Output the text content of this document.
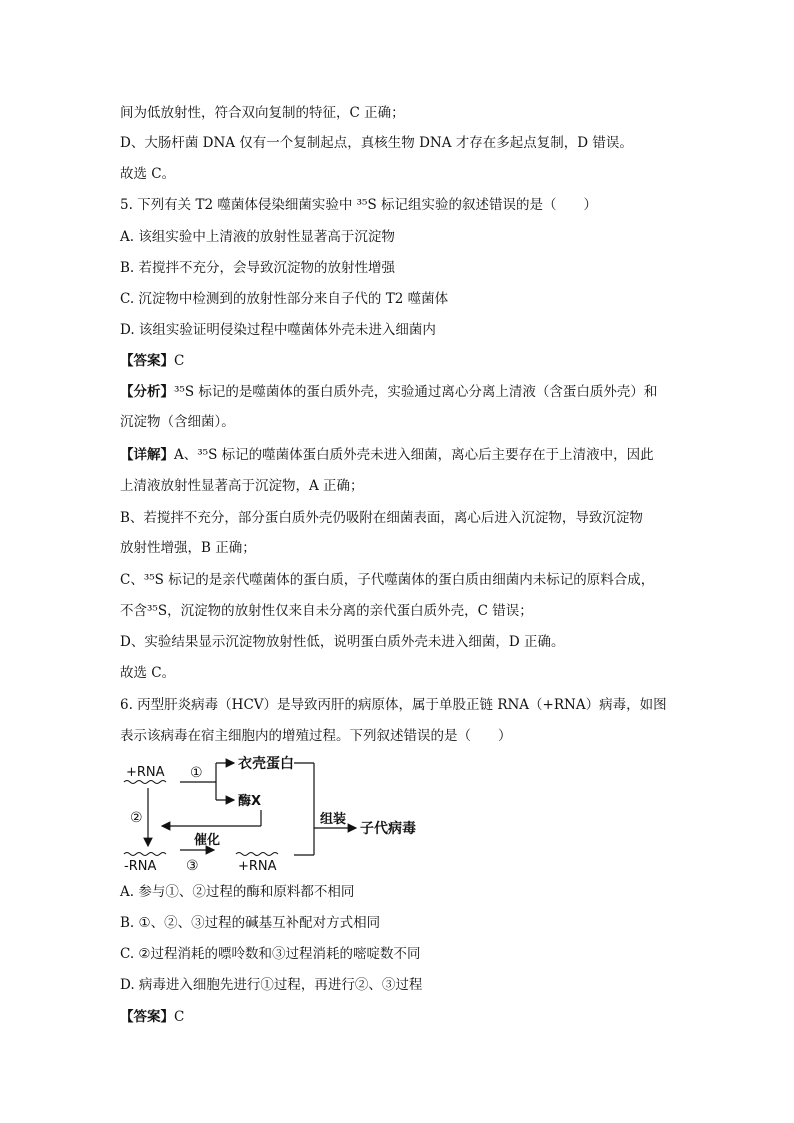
间为低放射性，符合双向复制的特征，C 正确；
D、大肠杆菌 DNA 仅有一个复制起点，真核生物 DNA 才存在多起点复制，D 错误。
故选 C。
5. 下列有关 T2 噬菌体侵染细菌实验中 ³⁵S 标记组实验的叙述错误的是（　　）
A. 该组实验中上清液的放射性显著高于沉淀物
B. 若搅拌不充分，会导致沉淀物的放射性增强
C. 沉淀物中检测到的放射性部分来自子代的 T2 噬菌体
D. 该组实验证明侵染过程中噬菌体外壳未进入细菌内
【答案】C
【分析】³⁵S 标记的是噬菌体的蛋白质外壳，实验通过离心分离上清液（含蛋白质外壳）和
沉淀物（含细菌）。
【详解】A、³⁵S 标记的噬菌体蛋白质外壳未进入细菌，离心后主要存在于上清液中，因此
上清液放射性显著高于沉淀物，A 正确；
B、若搅拌不充分，部分蛋白质外壳仍吸附在细菌表面，离心后进入沉淀物，导致沉淀物
放射性增强，B 正确；
C、³⁵S 标记的是亲代噬菌体的蛋白质，子代噬菌体的蛋白质由细菌内未标记的原料合成，
不含³⁵S，沉淀物的放射性仅来自未分离的亲代蛋白质外壳，C 错误；
D、实验结果显示沉淀物放射性低，说明蛋白质外壳未进入细菌，D 正确。
故选 C。
6. 丙型肝炎病毒（HCV）是导致丙肝的病原体，属于单股正链 RNA（+RNA）病毒，如图
表示该病毒在宿主细胞内的增殖过程。下列叙述错误的是（　　）
+RNA ①
衣壳蛋白
酶X
②
催化
-RNA ③	+RNA
组装
子代病毒
A. 参与①、②过程的酶和原料都不相同
B. ①、②、③过程的碱基互补配对方式相同
C. ②过程消耗的嘌呤数和③过程消耗的嘧啶数不同
D. 病毒进入细胞先进行①过程，再进行②、③过程
【答案】C
